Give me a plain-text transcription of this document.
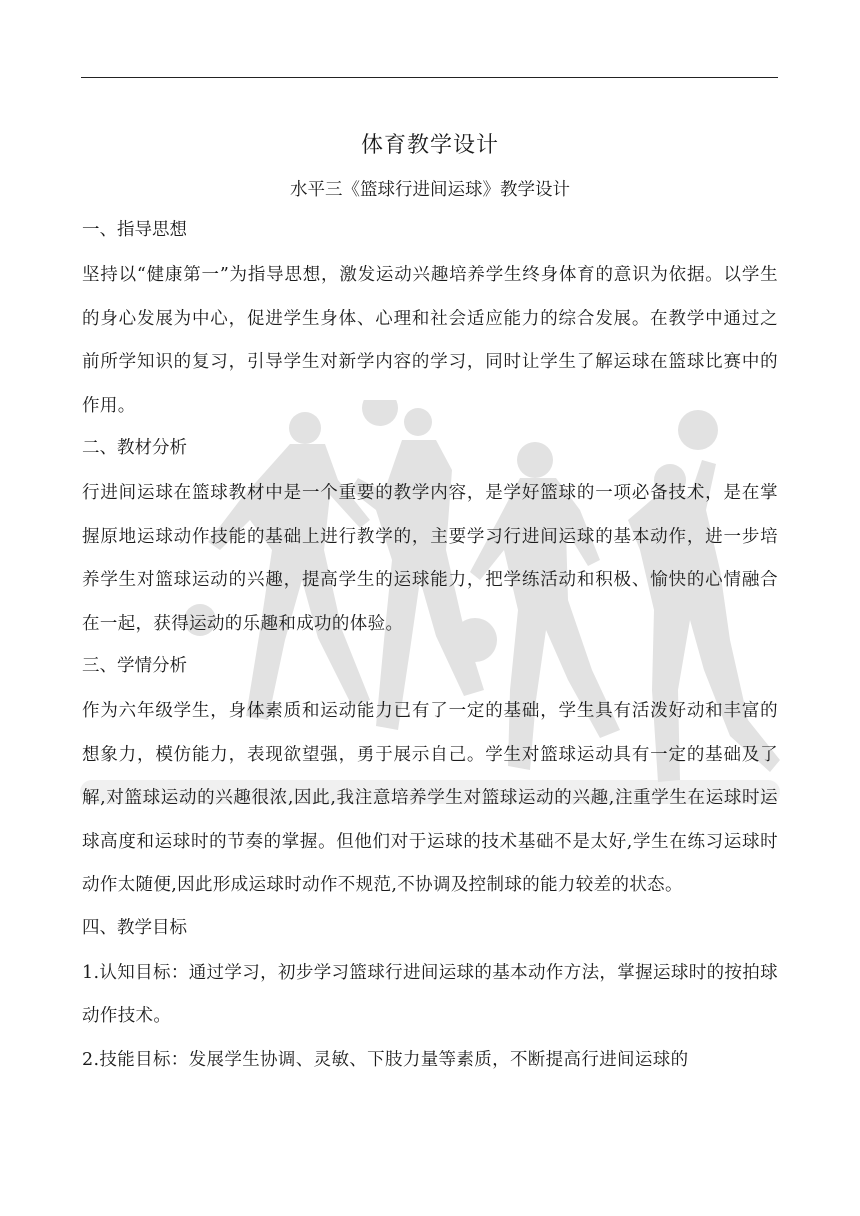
体育教学设计
水平三《篮球行进间运球》教学设计
一、指导思想

坚持以“健康第一”为指导思想，激发运动兴趣培养学生终身体育的意识为依据。以学生的身心发展为中心，促进学生身体、心理和社会适应能力的综合发展。在教学中通过之前所学知识的复习，引导学生对新学内容的学习，同时让学生了解运球在篮球比赛中的作用。

二、教材分析

行进间运球在篮球教材中是一个重要的教学内容，是学好篮球的一项必备技术，是在掌握原地运球动作技能的基础上进行教学的，主要学习行进间运球的基本动作，进一步培养学生对篮球运动的兴趣，提高学生的运球能力，把学练活动和积极、愉快的心情融合在一起，获得运动的乐趣和成功的体验。

三、学情分析

作为六年级学生，身体素质和运动能力已有了一定的基础，学生具有活泼好动和丰富的想象力，模仿能力，表现欲望强，勇于展示自己。学生对篮球运动具有一定的基础及了解,对篮球运动的兴趣很浓,因此,我注意培养学生对篮球运动的兴趣,注重学生在运球时运球高度和运球时的节奏的掌握。但他们对于运球的技术基础不是太好,学生在练习运球时动作太随便,因此形成运球时动作不规范,不协调及控制球的能力较差的状态。

四、教学目标

1.认知目标：通过学习，初步学习篮球行进间运球的基本动作方法，掌握运球时的按拍球动作技术。

2.技能目标：发展学生协调、灵敏、下肢力量等素质，不断提高行进间运球的
